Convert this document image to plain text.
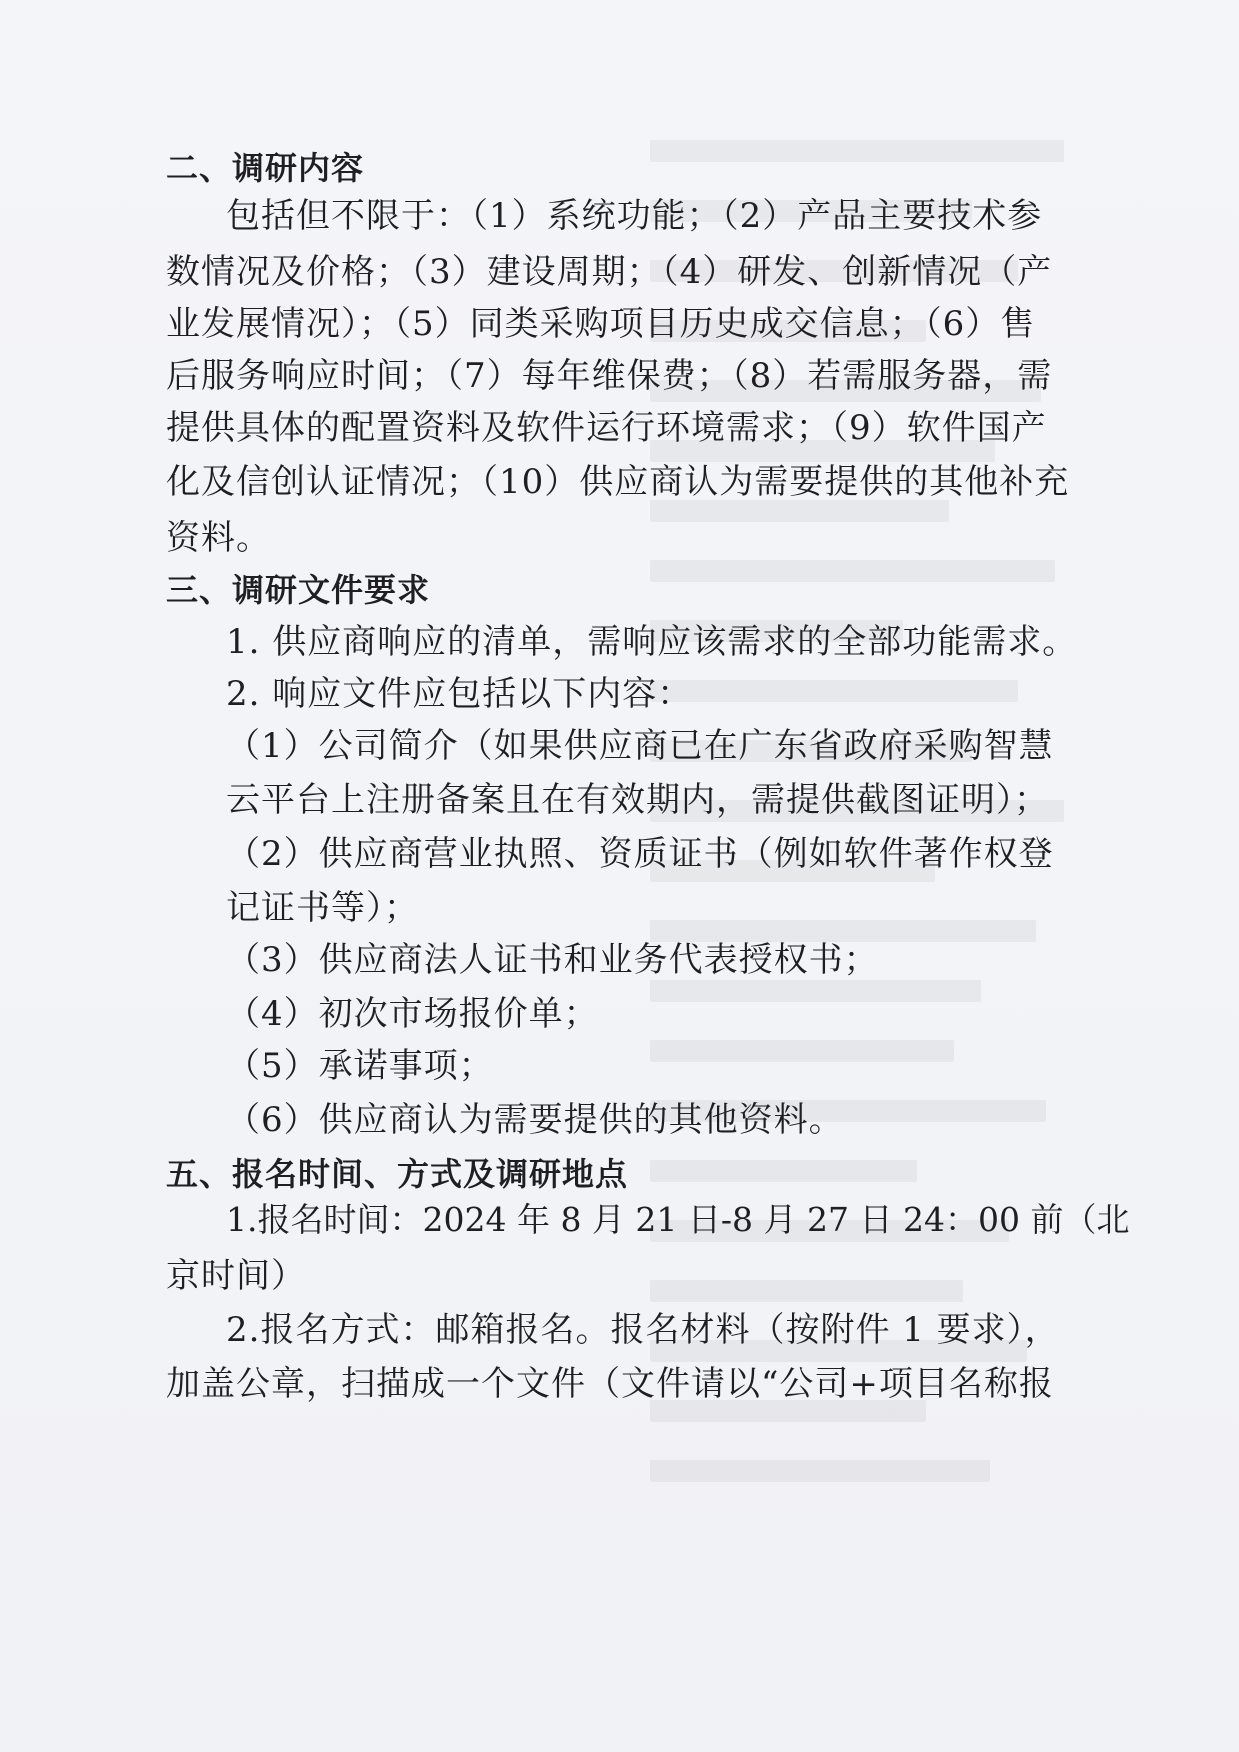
二、调研内容
包括但不限于：（1）系统功能；（2）产品主要技术参
数情况及价格；（3）建设周期；（4）研发、创新情况（产
业发展情况）；（5）同类采购项目历史成交信息；（6）售
后服务响应时间；（7）每年维保费；（8）若需服务器，需
提供具体的配置资料及软件运行环境需求；（9）软件国产
化及信创认证情况；（10）供应商认为需要提供的其他补充
资料。
三、调研文件要求
1. 供应商响应的清单，需响应该需求的全部功能需求。
2. 响应文件应包括以下内容：
（1）公司简介（如果供应商已在广东省政府采购智慧
云平台上注册备案且在有效期内，需提供截图证明）；
（2）供应商营业执照、资质证书（例如软件著作权登
记证书等）；
（3）供应商法人证书和业务代表授权书；
（4）初次市场报价单；
（5）承诺事项；
（6）供应商认为需要提供的其他资料。
五、报名时间、方式及调研地点
1.报名时间：2024 年 8 月 21 日-8 月 27 日 24：00 前（北
京时间）
2.报名方式：邮箱报名。报名材料（按附件 1 要求），
加盖公章，扫描成一个文件（文件请以“公司+项目名称报
